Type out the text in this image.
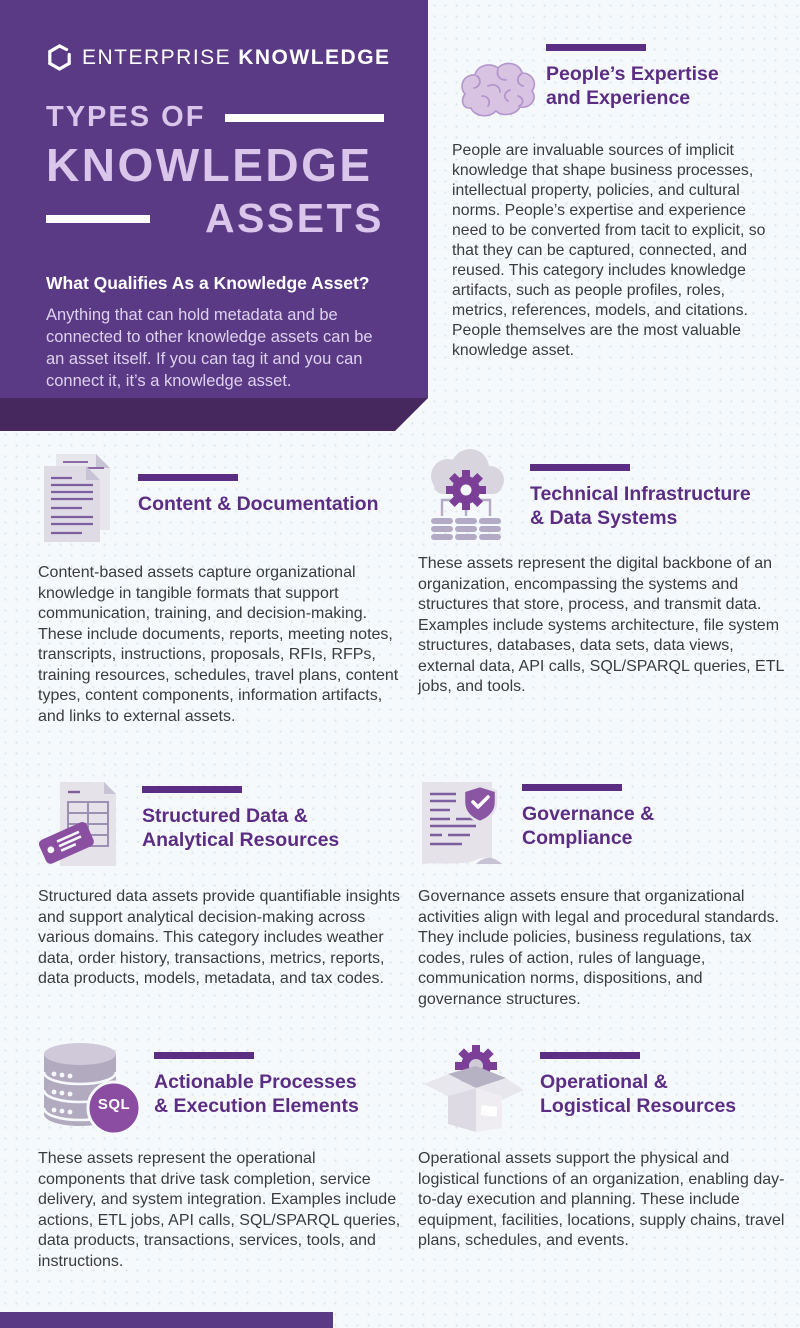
ENTERPRISE KNOWLEDGE
TYPES OF
KNOWLEDGE
ASSETS
What Qualifies As a Knowledge Asset?
Anything that can hold metadata and be connected to other knowledge assets can be an asset itself. If you can tag it and you can connect it, it’s a knowledge asset.
People’s Expertise
and Experience
People are invaluable sources of implicit knowledge that shape business processes, intellectual property, policies, and cultural norms. People’s expertise and experience need to be converted from tacit to explicit, so that they can be captured, connected, and reused. This category includes knowledge artifacts, such as people profiles, roles, metrics, references, models, and citations. People themselves are the most valuable knowledge asset.
Content & Documentation
Content-based assets capture organizational knowledge in tangible formats that support communication, training, and decision-making. These include documents, reports, meeting notes, transcripts, instructions, proposals, RFIs, RFPs, training resources, schedules, travel plans, content types, content components, information artifacts, and links to external assets.
Technical Infrastructure
& Data Systems
These assets represent the digital backbone of an organization, encompassing the systems and structures that store, process, and transmit data. Examples include systems architecture, file system structures, databases, data sets, data views, external data, API calls, SQL/SPARQL queries, ETL jobs, and tools.
Structured Data &
Analytical Resources
Structured data assets provide quantifiable insights and support analytical decision-making across various domains. This category includes weather data, order history, transactions, metrics, reports, data products, models, metadata, and tax codes.
Governance &
Compliance
Governance assets ensure that organizational activities align with legal and procedural standards. They include policies, business regulations, tax codes, rules of action, rules of language, communication norms, dispositions, and governance structures.
SQL
Actionable Processes
& Execution Elements
These assets represent the operational components that drive task completion, service delivery, and system integration. Examples include actions, ETL jobs, API calls, SQL/SPARQL queries, data products, transactions, services, tools, and instructions.
Operational &
Logistical Resources
Operational assets support the physical and logistical functions of an organization, enabling day-to-day execution and planning. These include equipment, facilities, locations, supply chains, travel plans, schedules, and events.
